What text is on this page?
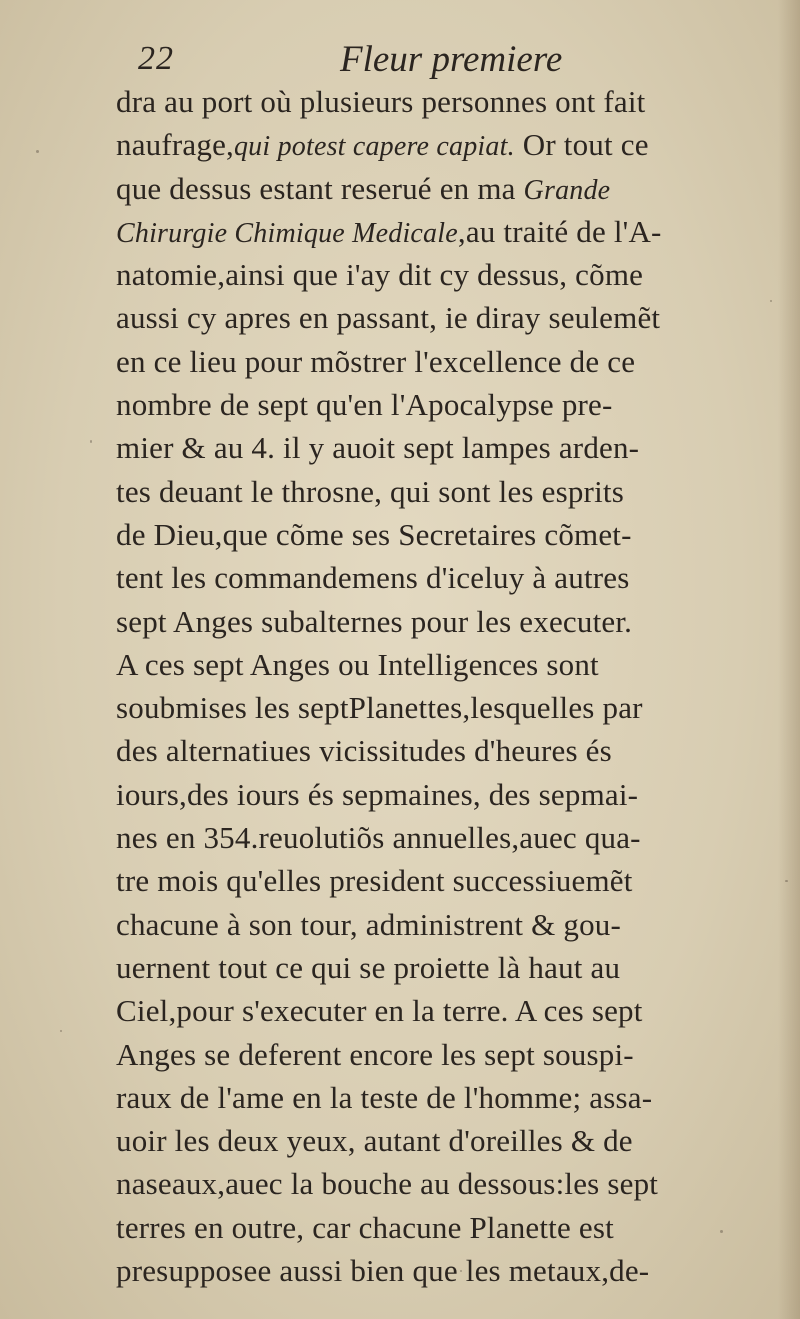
22	Fleur premiere
dra au port où plusieurs personnes ont fait
naufrage,qui potest capere capiat. Or tout ce
que dessus estant reserué en ma Grande
Chirurgie Chimique Medicale,au traité de l'A-
natomie,ainsi que i'ay dit cy dessus, cõme
aussi cy apres en passant, ie diray seulemẽt
en ce lieu pour mõstrer l'excellence de ce
nombre de sept qu'en l'Apocalypse pre-
mier & au 4. il y auoit sept lampes arden-
tes deuant le throsne, qui sont les esprits
de Dieu,que cõme ses Secretaires cõmet-
tent les commandemens d'iceluy à autres
sept Anges subalternes pour les executer.
A ces sept Anges ou Intelligences sont
soubmises les septPlanettes,lesquelles par
des alternatiues vicissitudes d'heures és
iours,des iours és sepmaines, des sepmai-
nes en 354.reuolutiõs annuelles,auec qua-
tre mois qu'elles president successiuemẽt
chacune à son tour, administrent & gou-
uernent tout ce qui se proiette là haut au
Ciel,pour s'executer en la terre. A ces sept
Anges se deferent encore les sept souspi-
raux de l'ame en la teste de l'homme; assa-
uoir les deux yeux, autant d'oreilles & de
naseaux,auec la bouche au dessous:les sept
terres en outre, car chacune Planette est
presupposee aussi bien que les metaux,de-
